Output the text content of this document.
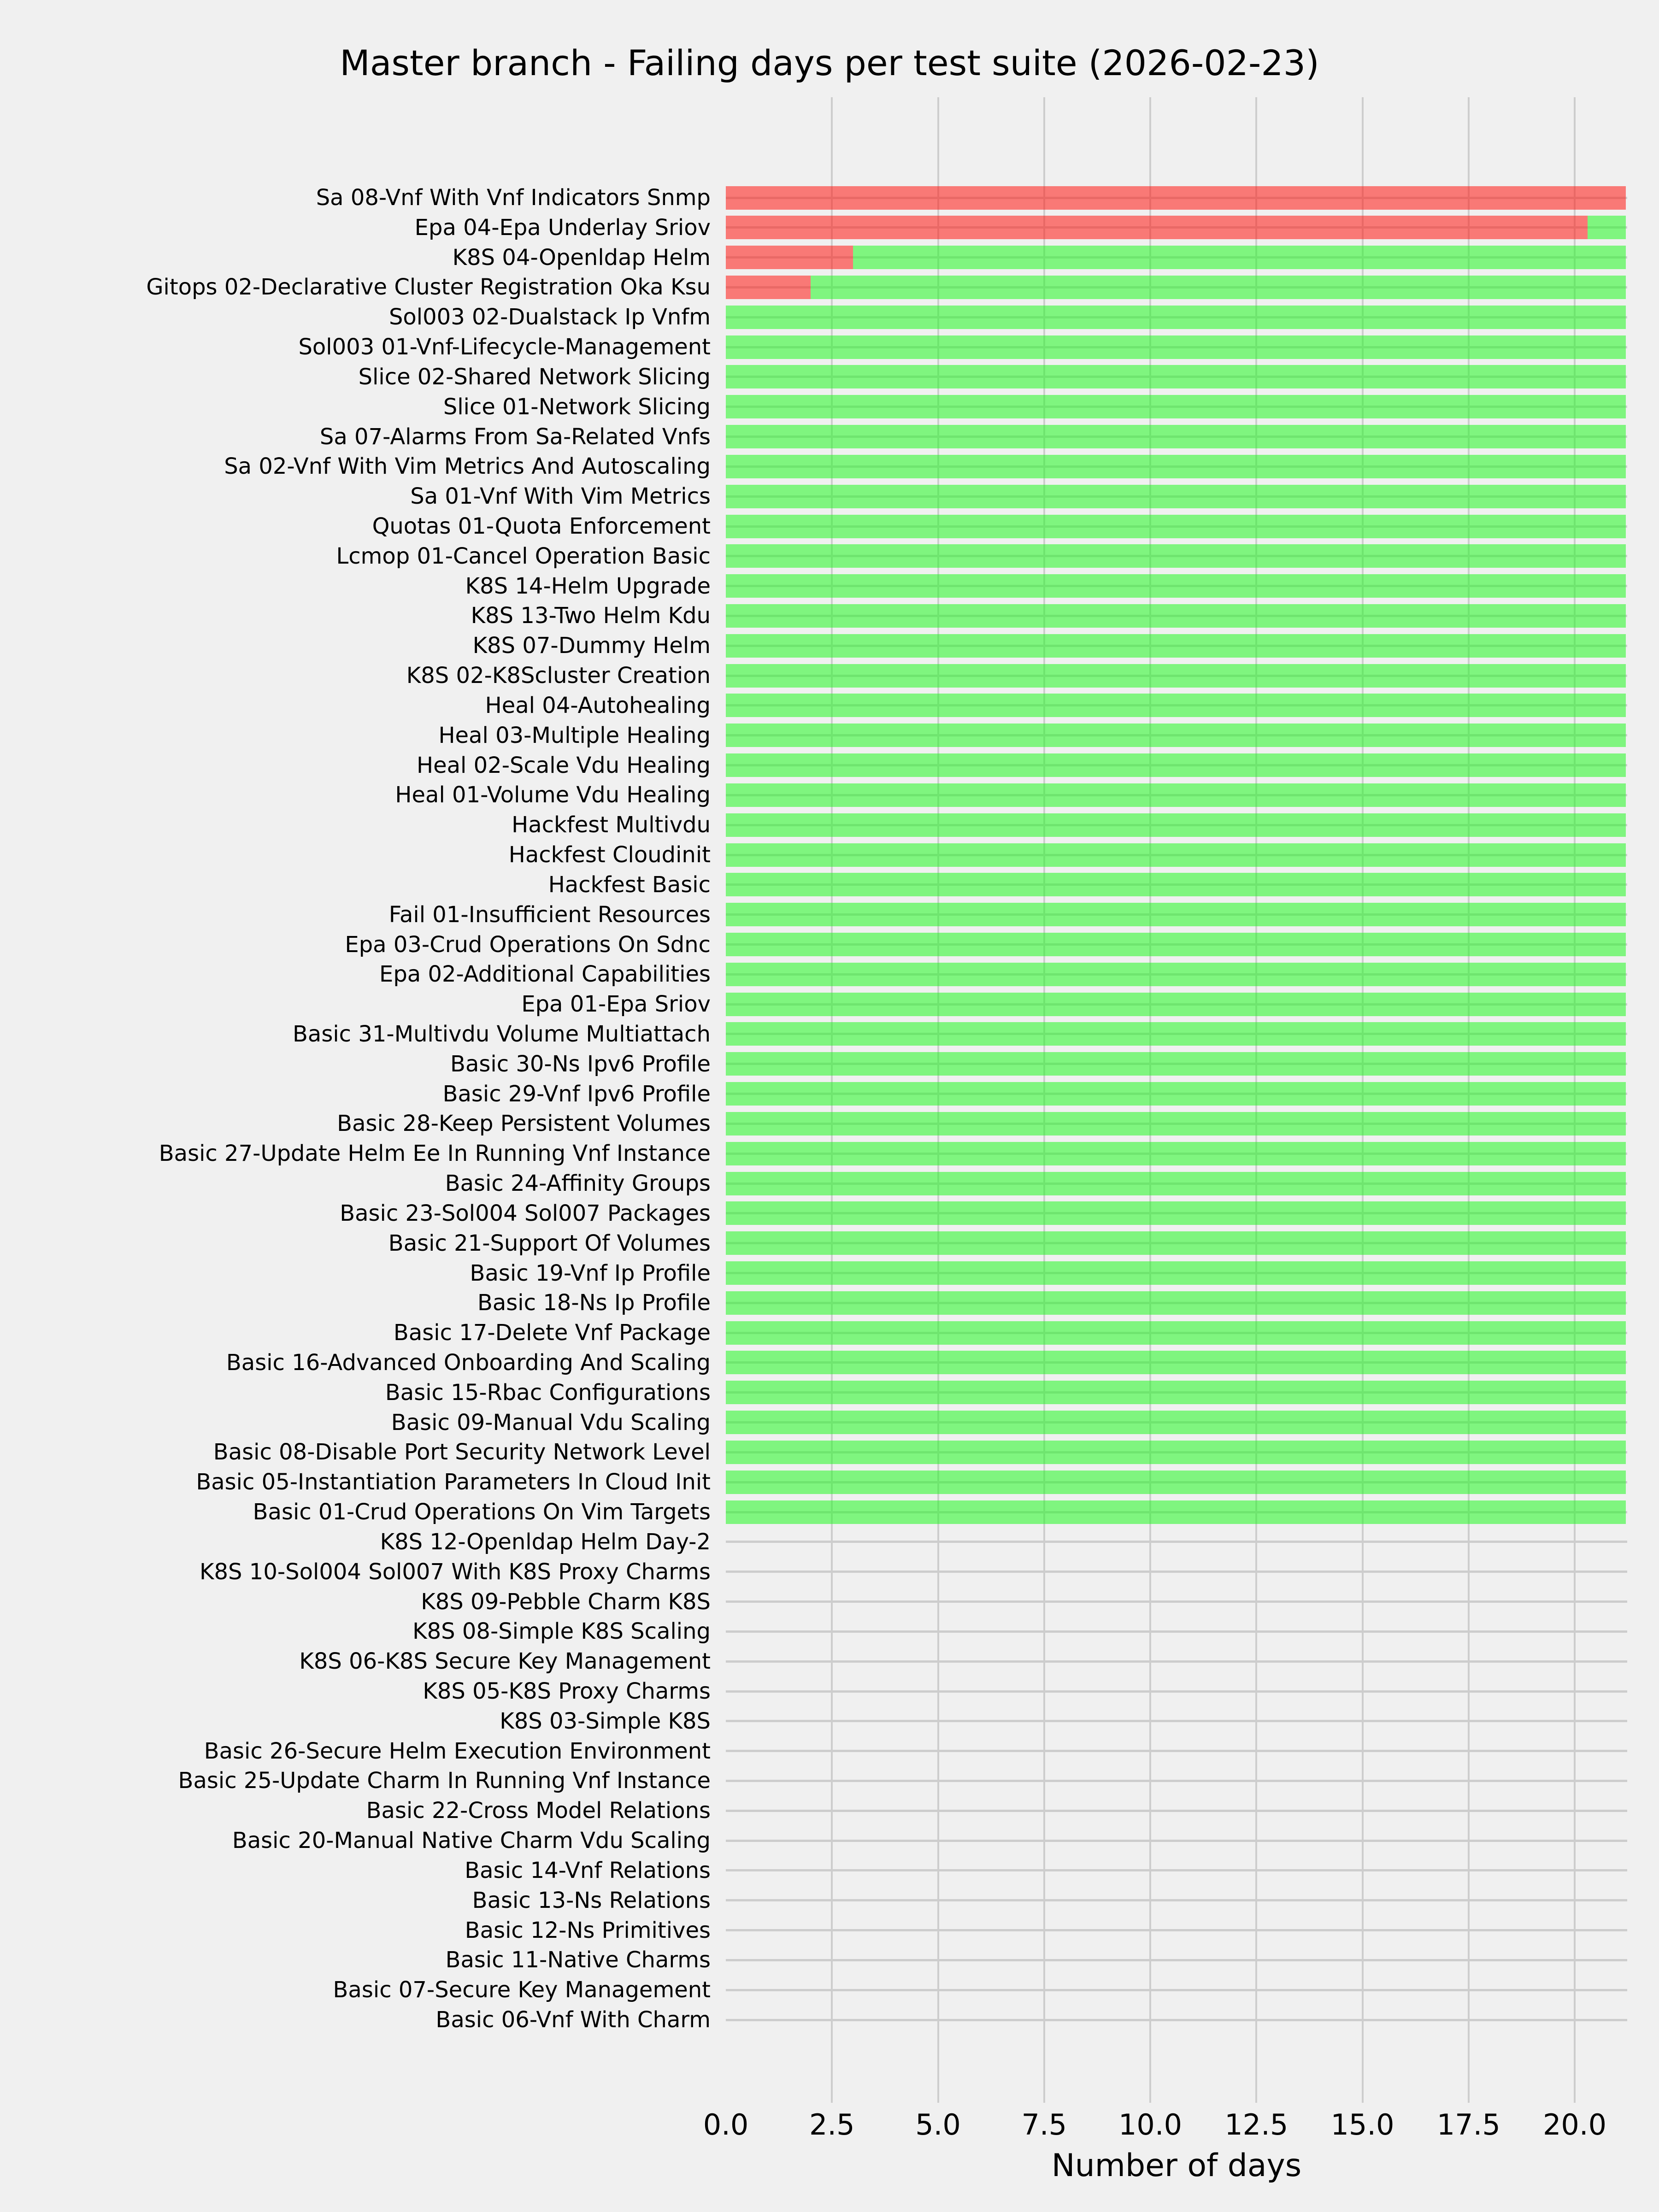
Master branch - Failing days per test suite (2026-02-23)
Sa 08-Vnf With Vnf Indicators Snmp
Epa 04-Epa Underlay Sriov
K8S 04-Openldap Helm
Gitops 02-Declarative Cluster Registration Oka Ksu
Sol003 02-Dualstack Ip Vnfm
Sol003 01-Vnf-Lifecycle-Management
Slice 02-Shared Network Slicing
Slice 01-Network Slicing
Sa 07-Alarms From Sa-Related Vnfs
Sa 02-Vnf With Vim Metrics And Autoscaling
Sa 01-Vnf With Vim Metrics
Quotas 01-Quota Enforcement
Lcmop 01-Cancel Operation Basic
K8S 14-Helm Upgrade
K8S 13-Two Helm Kdu
K8S 07-Dummy Helm
K8S 02-K8Scluster Creation
Heal 04-Autohealing
Heal 03-Multiple Healing
Heal 02-Scale Vdu Healing
Heal 01-Volume Vdu Healing
Hackfest Multivdu
Hackfest Cloudinit
Hackfest Basic
Fail 01-Insufficient Resources
Epa 03-Crud Operations On Sdnc
Epa 02-Additional Capabilities
Epa 01-Epa Sriov
Basic 31-Multivdu Volume Multiattach
Basic 30-Ns Ipv6 Profile
Basic 29-Vnf Ipv6 Profile
Basic 28-Keep Persistent Volumes
Basic 27-Update Helm Ee In Running Vnf Instance
Basic 24-Affinity Groups
Basic 23-Sol004 Sol007 Packages
Basic 21-Support Of Volumes
Basic 19-Vnf Ip Profile
Basic 18-Ns Ip Profile
Basic 17-Delete Vnf Package
Basic 16-Advanced Onboarding And Scaling
Basic 15-Rbac Configurations
Basic 09-Manual Vdu Scaling
Basic 08-Disable Port Security Network Level
Basic 05-Instantiation Parameters In Cloud Init
Basic 01-Crud Operations On Vim Targets
K8S 12-Openldap Helm Day-2
K8S 10-Sol004 Sol007 With K8S Proxy Charms
K8S 09-Pebble Charm K8S
K8S 08-Simple K8S Scaling
K8S 06-K8S Secure Key Management
K8S 05-K8S Proxy Charms
K8S 03-Simple K8S
Basic 26-Secure Helm Execution Environment
Basic 25-Update Charm In Running Vnf Instance
Basic 22-Cross Model Relations
Basic 20-Manual Native Charm Vdu Scaling
Basic 14-Vnf Relations
Basic 13-Ns Relations
Basic 12-Ns Primitives
Basic 11-Native Charms
Basic 07-Secure Key Management
Basic 06-Vnf With Charm
0.0 2.5 5.0 7.5 10.0 12.5 15.0 17.5 20.0
Number of days
